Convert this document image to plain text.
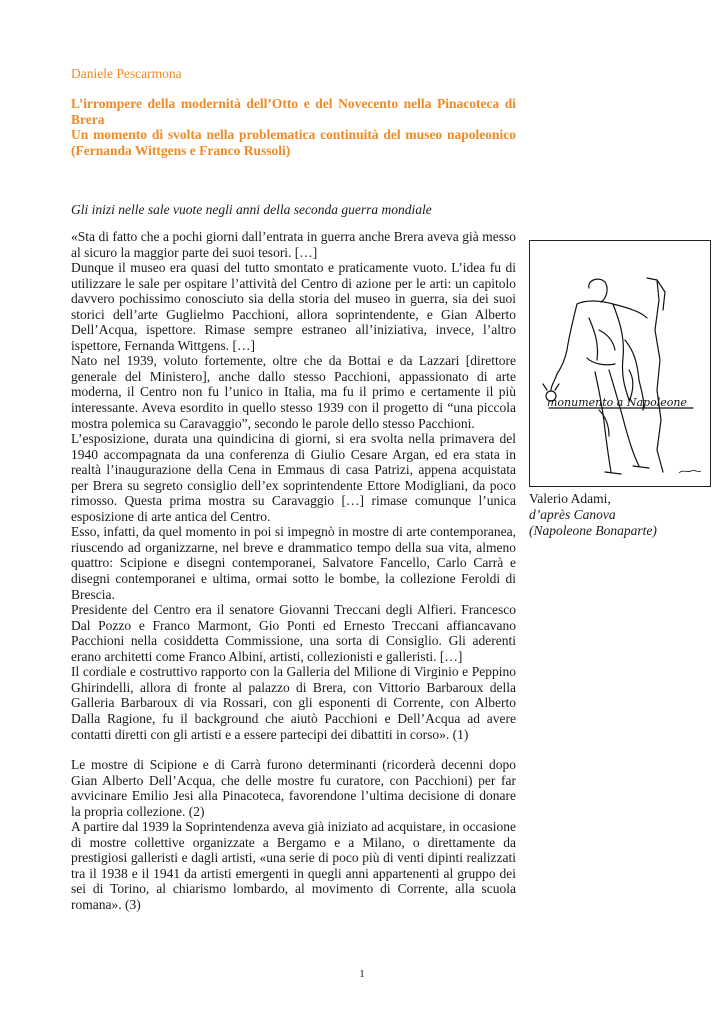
Daniele Pescarmona
L’irrompere della modernità dell’Otto e del Novecento nella Pinacoteca di Brera
Un momento di svolta nella problematica continuità del museo napoleonico (Fernanda Wittgens e Franco Russoli)
Gli inizi nelle sale vuote negli anni della seconda guerra mondiale

«Sta di fatto che a pochi giorni dall’entrata in guerra anche Brera aveva già messo al sicuro la maggior parte dei suoi tesori. […]

Dunque il museo era quasi del tutto smontato e praticamente vuoto. L’idea fu di utilizzare le sale per ospitare l’attività del Centro di azione per le arti: un capitolo davvero pochissimo conosciuto sia della storia del museo in guerra, sia dei suoi storici dell’arte Guglielmo Pacchioni, allora soprintendente, e Gian Alberto Dell’Acqua, ispettore. Rimase sempre estraneo all’iniziativa, invece, l’altro ispettore, Fernanda Wittgens. […]

Nato nel 1939, voluto fortemente, oltre che da Bottai e da Lazzari [direttore generale del Ministero], anche dallo stesso Pacchioni, appassionato di arte moderna, il Centro non fu l’unico in Italia, ma fu il primo e certamente il più interessante. Aveva esordito in quello stesso 1939 con il progetto di “una piccola mostra polemica su Caravaggio”, secondo le parole dello stesso Pacchioni.

L’esposizione, durata una quindicina di giorni, si era svolta nella primavera del 1940 accompagnata da una conferenza di Giulio Cesare Argan, ed era stata in realtà l’inaugurazione della Cena in Emmaus di casa Patrizi, appena acquistata per Brera su segreto consiglio dell’ex soprintendente Ettore Modigliani, da poco rimosso. Questa prima mostra su Caravaggio […] rimase comunque l’unica esposizione di arte antica del Centro.

Esso, infatti, da quel momento in poi si impegnò in mostre di arte contemporanea, riuscendo ad organizzarne, nel breve e drammatico tempo della sua vita, almeno quattro: Scipione e disegni contemporanei, Salvatore Fancello, Carlo Carrà e disegni contemporanei e ultima, ormai sotto le bombe, la collezione Feroldi di Brescia.

Presidente del Centro era il senatore Giovanni Treccani degli Alfieri. Francesco Dal Pozzo e Franco Marmont, Gio Ponti ed Ernesto Treccani affiancavano Pacchioni nella cosiddetta Commissione, una sorta di Consiglio. Gli aderenti erano architetti come Franco Albini, artisti, collezionisti e galleristi. […]

Il cordiale e costruttivo rapporto con la Galleria del Milione di Virginio e Peppino Ghirindelli, allora di fronte al palazzo di Brera, con Vittorio Barbaroux della Galleria Barbaroux di via Rossari, con gli esponenti di Corrente, con Alberto Dalla Ragione, fu il background che aiutò Pacchioni e Dell’Acqua ad avere contatti diretti con gli artisti e a essere partecipi dei dibattiti in corso». (1)

Le mostre di Scipione e di Carrà furono determinanti (ricorderà decenni dopo Gian Alberto Dell’Acqua, che delle mostre fu curatore, con Pacchioni) per far avvicinare Emilio Jesi alla Pinacoteca, favorendone l’ultima decisione di donare la propria collezione. (2)

A partire dal 1939 la Soprintendenza aveva già iniziato ad acquistare, in occasione di mostre collettive organizzate a Bergamo e a Milano, o direttamente da prestigiosi galleristi e dagli artisti, «una serie di poco più di venti dipinti realizzati tra il 1938 e il 1941 da artisti emergenti in quegli anni appartenenti al gruppo dei sei di Torino, al chiarismo lombardo, al movimento di Corrente, alla scuola romana». (3)

monumento a Napoleone
Valerio Adami,
d’après Canova
(Napoleone Bonaparte)
1
